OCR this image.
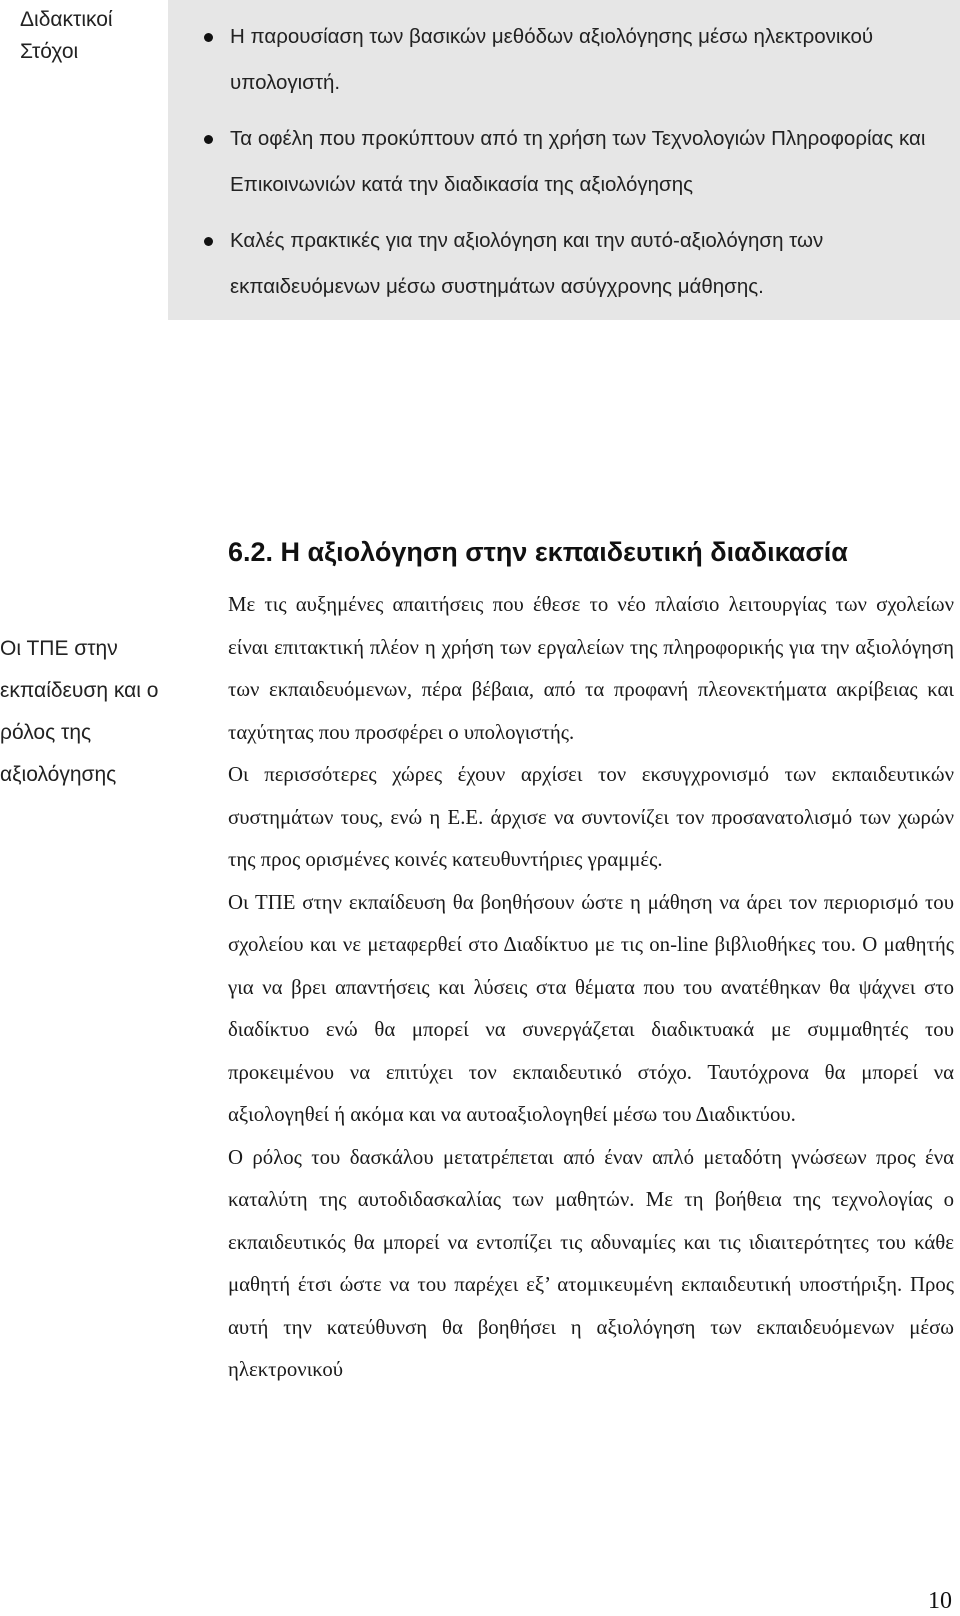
Διδακτικοί
Στόχοι
Η παρουσίαση των βασικών μεθόδων αξιολόγησης μέσω ηλεκτρονικού υπολογιστή.
Τα οφέλη που προκύπτουν από τη χρήση των Τεχνολογιών Πληροφορίας και Επικοινωνιών κατά την διαδικασία της αξιολόγησης
Καλές πρακτικές για την αξιολόγηση και την αυτό-αξιολόγηση των εκπαιδευόμενων μέσω συστημάτων ασύγχρονης μάθησης.
Οι ΤΠΕ στην εκπαίδευση και ο ρόλος της αξιολόγησης
6.2. Η αξιολόγηση στην εκπαιδευτική διαδικασία

Με τις αυξημένες απαιτήσεις που έθεσε το νέο πλαίσιο λειτουργίας των σχολείων είναι επιτακτική πλέον η χρήση των εργαλείων της πληροφορικής για την αξιολόγηση των εκπαιδευόμενων, πέρα βέβαια, από τα προφανή πλεονεκτήματα ακρίβειας και ταχύτητας που προσφέρει ο υπολογιστής.

Οι περισσότερες χώρες έχουν αρχίσει τον εκσυγχρονισμό των εκπαιδευτικών συστημάτων τους, ενώ η Ε.Ε. άρχισε να συντονίζει τον προσανατολισμό των χωρών της προς ορισμένες κοινές κατευθυντήριες γραμμές.

Οι ΤΠΕ στην εκπαίδευση θα βοηθήσουν ώστε η μάθηση να άρει τον περιορισμό του σχολείου και νε μεταφερθεί στο Διαδίκτυο με τις on-line βιβλιοθήκες του. Ο μαθητής για να βρει απαντήσεις και λύσεις στα θέματα που του ανατέθηκαν θα ψάχνει στο διαδίκτυο ενώ θα μπορεί να συνεργάζεται διαδικτυακά με συμμαθητές του προκειμένου να επιτύχει τον εκπαιδευτικό στόχο. Ταυτόχρονα θα μπορεί να αξιολογηθεί ή ακόμα και να αυτοαξιολογηθεί μέσω του Διαδικτύου.

Ο ρόλος του δασκάλου μετατρέπεται από έναν απλό μεταδότη γνώσεων προς ένα καταλύτη της αυτοδιδασκαλίας των μαθητών. Με τη βοήθεια της τεχνολογίας ο εκπαιδευτικός θα μπορεί να εντοπίζει τις αδυναμίες και τις ιδιαιτερότητες του κάθε μαθητή έτσι ώστε να του παρέχει εξ’ ατομικευμένη εκπαιδευτική υποστήριξη. Προς αυτή την κατεύθυνση θα βοηθήσει η αξιολόγηση των εκπαιδευόμενων μέσω ηλεκτρονικού

10
